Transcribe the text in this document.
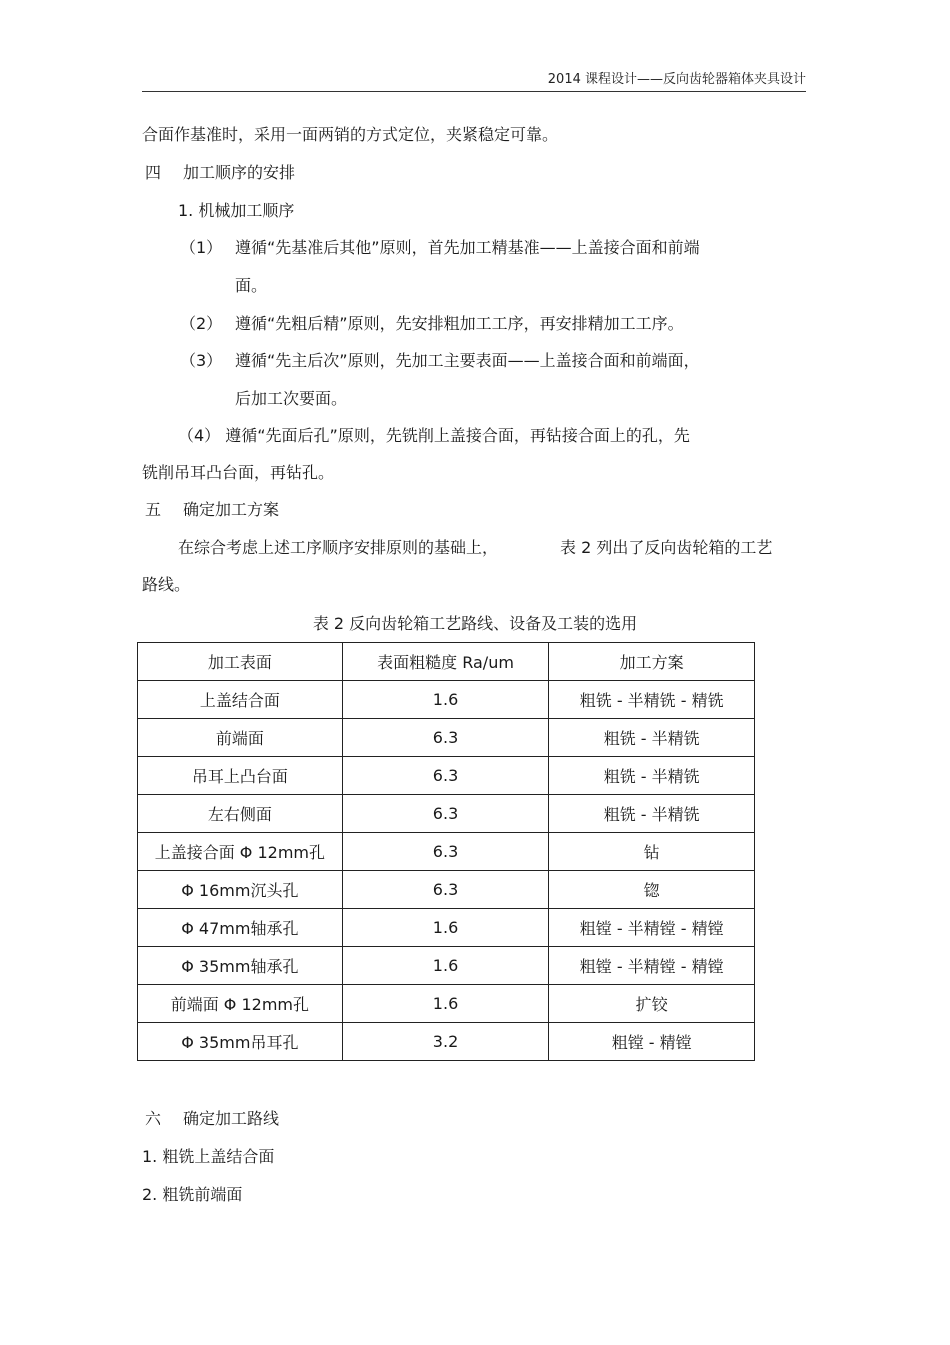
2014 课程设计——反向齿轮器箱体夹具设计
合面作基准时，采用一面两销的方式定位，夹紧稳定可靠。
四 加工顺序的安排
1. 机械加工顺序
（1） 遵循“先基准后其他”原则，首先加工精基准——上盖接合面和前端
面。
（2） 遵循“先粗后精”原则，先安排粗加工工序，再安排精加工工序。
（3） 遵循“先主后次”原则，先加工主要表面——上盖接合面和前端面，
后加工次要面。
（4） 遵循“先面后孔”原则，先铣削上盖接合面，再钻接合面上的孔，先
铣削吊耳凸台面，再钻孔。
五 确定加工方案
在综合考虑上述工序顺序安排原则的基础上，	表 2 列出了反向齿轮箱的工艺
路线。
表 2 反向齿轮箱工艺路线、设备及工装的选用
加工表面	表面粗糙度 Ra/um	加工方案
上盖结合面	1.6	粗铣 - 半精铣 - 精铣
前端面	6.3	粗铣 - 半精铣
吊耳上凸台面	6.3	粗铣 - 半精铣
左右侧面	6.3	粗铣 - 半精铣
上盖接合面 Φ 12mm孔	6.3	钻
Φ 16mm沉头孔	6.3	锪
Φ 47mm轴承孔	1.6	粗镗 - 半精镗 - 精镗
Φ 35mm轴承孔	1.6	粗镗 - 半精镗 - 精镗
前端面 Φ 12mm孔	1.6	扩铰
Φ 35mm吊耳孔	3.2	粗镗 - 精镗
六 确定加工路线
1. 粗铣上盖结合面
2. 粗铣前端面
